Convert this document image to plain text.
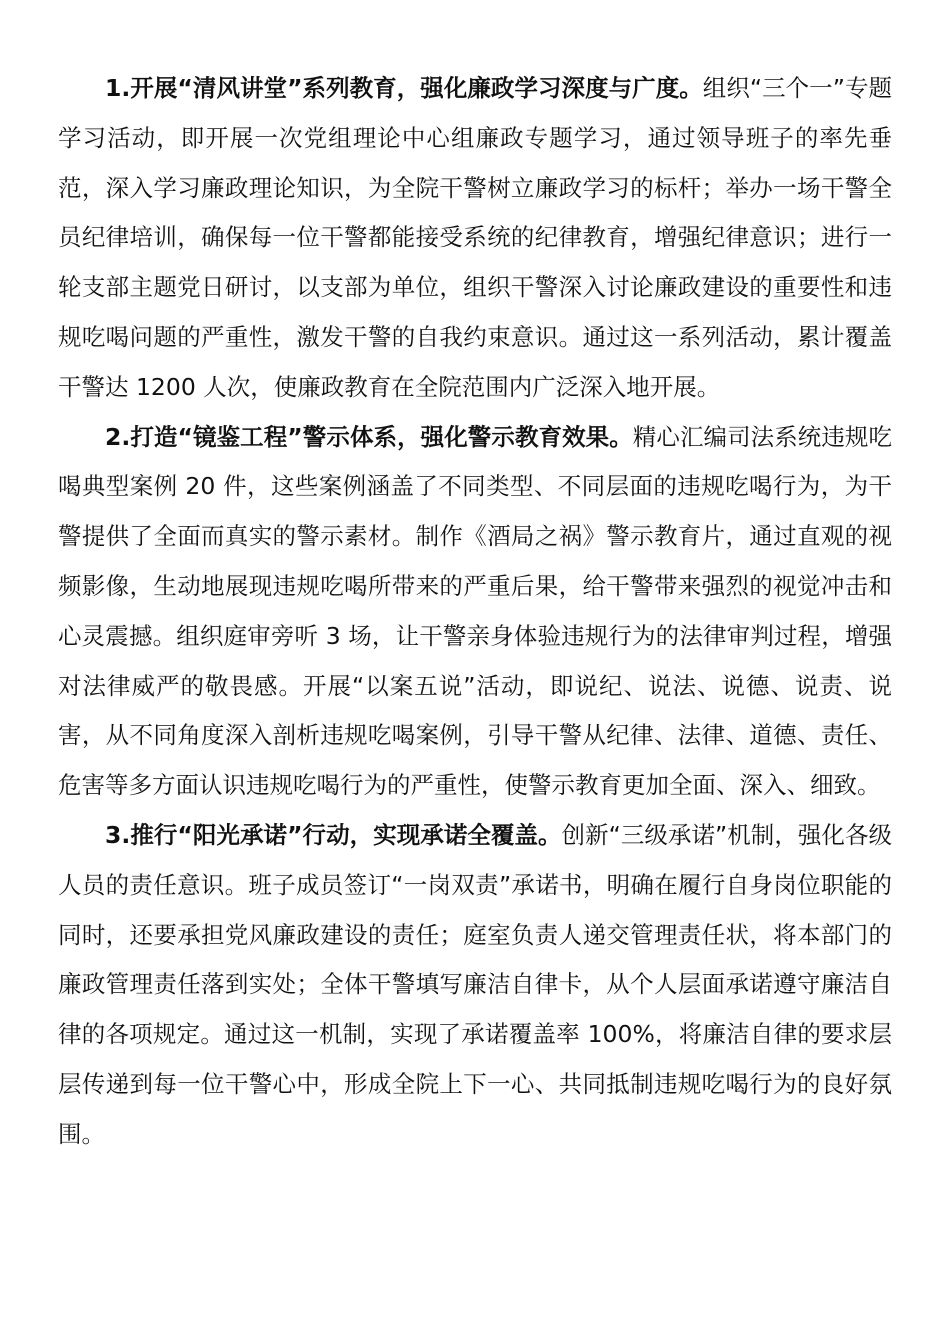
1.开展“清风讲堂”系列教育，强化廉政学习深度与广度。组织“三个一”专题学习活动，即开展一次党组理论中心组廉政专题学习，通过领导班子的率先垂范，深入学习廉政理论知识，为全院干警树立廉政学习的标杆；举办一场干警全员纪律培训，确保每一位干警都能接受系统的纪律教育，增强纪律意识；进行一轮支部主题党日研讨，以支部为单位，组织干警深入讨论廉政建设的重要性和违规吃喝问题的严重性，激发干警的自我约束意识。通过这一系列活动，累计覆盖干警达 1200 人次，使廉政教育在全院范围内广泛深入地开展。

2.打造“镜鉴工程”警示体系，强化警示教育效果。精心汇编司法系统违规吃喝典型案例 20 件，这些案例涵盖了不同类型、不同层面的违规吃喝行为，为干警提供了全面而真实的警示素材。制作《酒局之祸》警示教育片，通过直观的视频影像，生动地展现违规吃喝所带来的严重后果，给干警带来强烈的视觉冲击和心灵震撼。组织庭审旁听 3 场，让干警亲身体验违规行为的法律审判过程，增强对法律威严的敬畏感。开展“以案五说”活动，即说纪、说法、说德、说责、说害，从不同角度深入剖析违规吃喝案例，引导干警从纪律、法律、道德、责任、危害等多方面认识违规吃喝行为的严重性，使警示教育更加全面、深入、细致。

3.推行“阳光承诺”行动，实现承诺全覆盖。创新“三级承诺”机制，强化各级人员的责任意识。班子成员签订“一岗双责”承诺书，明确在履行自身岗位职能的同时，还要承担党风廉政建设的责任；庭室负责人递交管理责任状，将本部门的廉政管理责任落到实处；全体干警填写廉洁自律卡，从个人层面承诺遵守廉洁自律的各项规定。通过这一机制，实现了承诺覆盖率 100%，将廉洁自律的要求层层传递到每一位干警心中，形成全院上下一心、共同抵制违规吃喝行为的良好氛围。
